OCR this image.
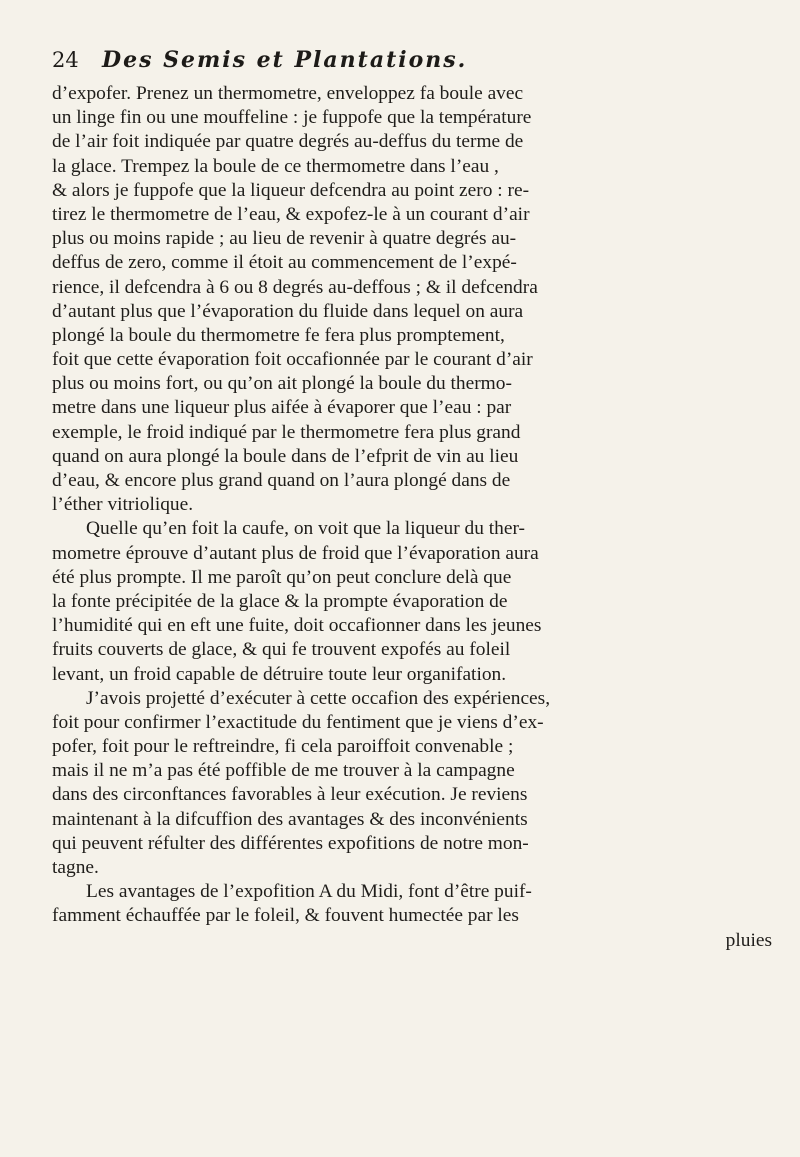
24 Des Semis et Plantations.
d’expofer. Prenez un thermometre, enveloppez fa boule avec
un linge fin ou une mouffeline : je fuppofe que la température
de l’air foit indiquée par quatre degrés au-deffus du terme de
la glace. Trempez la boule de ce thermometre dans l’eau ,
& alors je fuppofe que la liqueur defcendra au point zero : re-
tirez le thermometre de l’eau, & expofez-le à un courant d’air
plus ou moins rapide ; au lieu de revenir à quatre degrés au-
deffus de zero, comme il étoit au commencement de l’expé-
rience, il defcendra à 6 ou 8 degrés au-deffous ; & il defcendra
d’autant plus que l’évaporation du fluide dans lequel on aura
plongé la boule du thermometre fe fera plus promptement,
foit que cette évaporation foit occafionnée par le courant d’air
plus ou moins fort, ou qu’on ait plongé la boule du thermo-
metre dans une liqueur plus aifée à évaporer que l’eau : par
exemple, le froid indiqué par le thermometre fera plus grand
quand on aura plongé la boule dans de l’efprit de vin au lieu
d’eau, & encore plus grand quand on l’aura plongé dans de
l’éther vitriolique.
Quelle qu’en foit la caufe, on voit que la liqueur du ther-
mometre éprouve d’autant plus de froid que l’évaporation aura
été plus prompte. Il me paroît qu’on peut conclure delà que
la fonte précipitée de la glace & la prompte évaporation de
l’humidité qui en eft une fuite, doit occafionner dans les jeunes
fruits couverts de glace, & qui fe trouvent expofés au foleil
levant, un froid capable de détruire toute leur organifation.
J’avois projetté d’exécuter à cette occafion des expériences,
foit pour confirmer l’exactitude du fentiment que je viens d’ex-
pofer, foit pour le reftreindre, fi cela paroiffoit convenable ;
mais il ne m’a pas été poffible de me trouver à la campagne
dans des circonftances favorables à leur exécution. Je reviens
maintenant à la difcuffion des avantages & des inconvénients
qui peuvent réfulter des différentes expofitions de notre mon-
tagne.
Les avantages de l’expofition A du Midi, font d’être puif-
famment échauffée par le foleil, & fouvent humectée par les
pluies
